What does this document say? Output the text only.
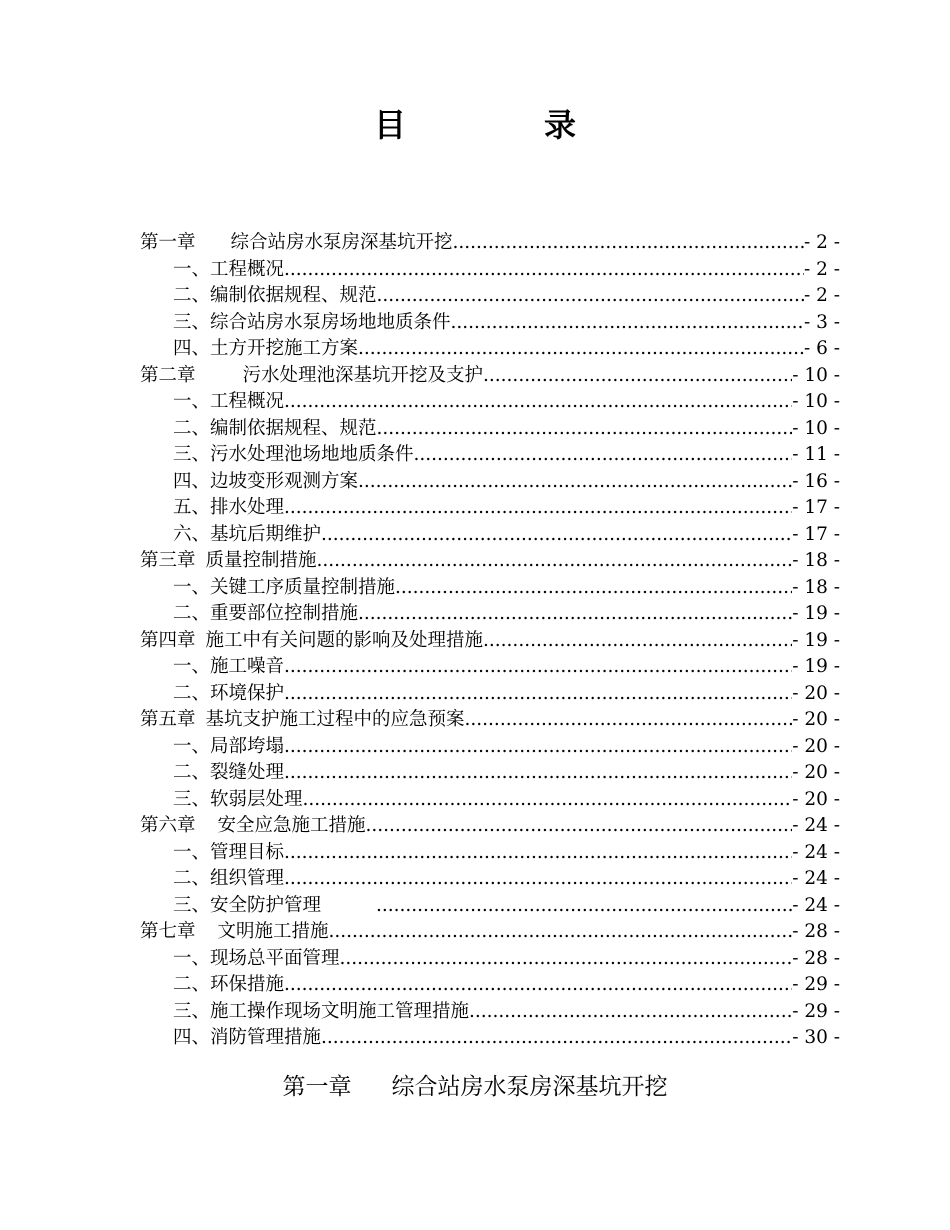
目	录
第一章 综合站房水泵房深基坑开挖 .....	- 2 -
一、工程概况 .....	- 2 -
二、编制依据规程、规范 .....	- 2 -
三、综合站房水泵房场地地质条件 .....	- 3 -
四、土方开挖施工方案 .....	- 6 -
第二章	污水处理池深基坑开挖及支护 .....	- 10 -
一、工程概况 .....	- 10 -
二、编制依据规程、规范 .....	- 10 -
三、污水处理池场地地质条件 .....	- 11 -
四、边坡变形观测方案 .....	- 16 -
五、排水处理 .....	- 17 -
六、基坑后期维护 .....	- 17 -
第三章 质量控制措施 .....	- 18 -
一、关键工序质量控制措施 .....	- 18 -
二、重要部位控制措施 .....	- 19 -
第四章 施工中有关问题的影响及处理措施 .....	- 19 -
一、施工噪音 .....	- 19 -
二、环境保护 .....	- 20 -
第五章 基坑支护施工过程中的应急预案 .....	- 20 -
一、局部垮塌 .....	- 20 -
二、裂缝处理 .....	- 20 -
三、软弱层处理 .....	- 20 -
第六章 安全应急施工措施 .....	- 24 -
一、管理目标 .....	- 24 -
二、组织管理 .....	- 24 -
三、安全防护管理 .....	- 24 -
第七章 文明施工措施 .....	- 28 -
一、现场总平面管理 .....	- 28 -
二、环保措施 .....	- 29 -
三、施工操作现场文明施工管理措施 .....	- 29 -
四、消防管理措施 .....	- 30 -
第一章 综合站房水泵房深基坑开挖
